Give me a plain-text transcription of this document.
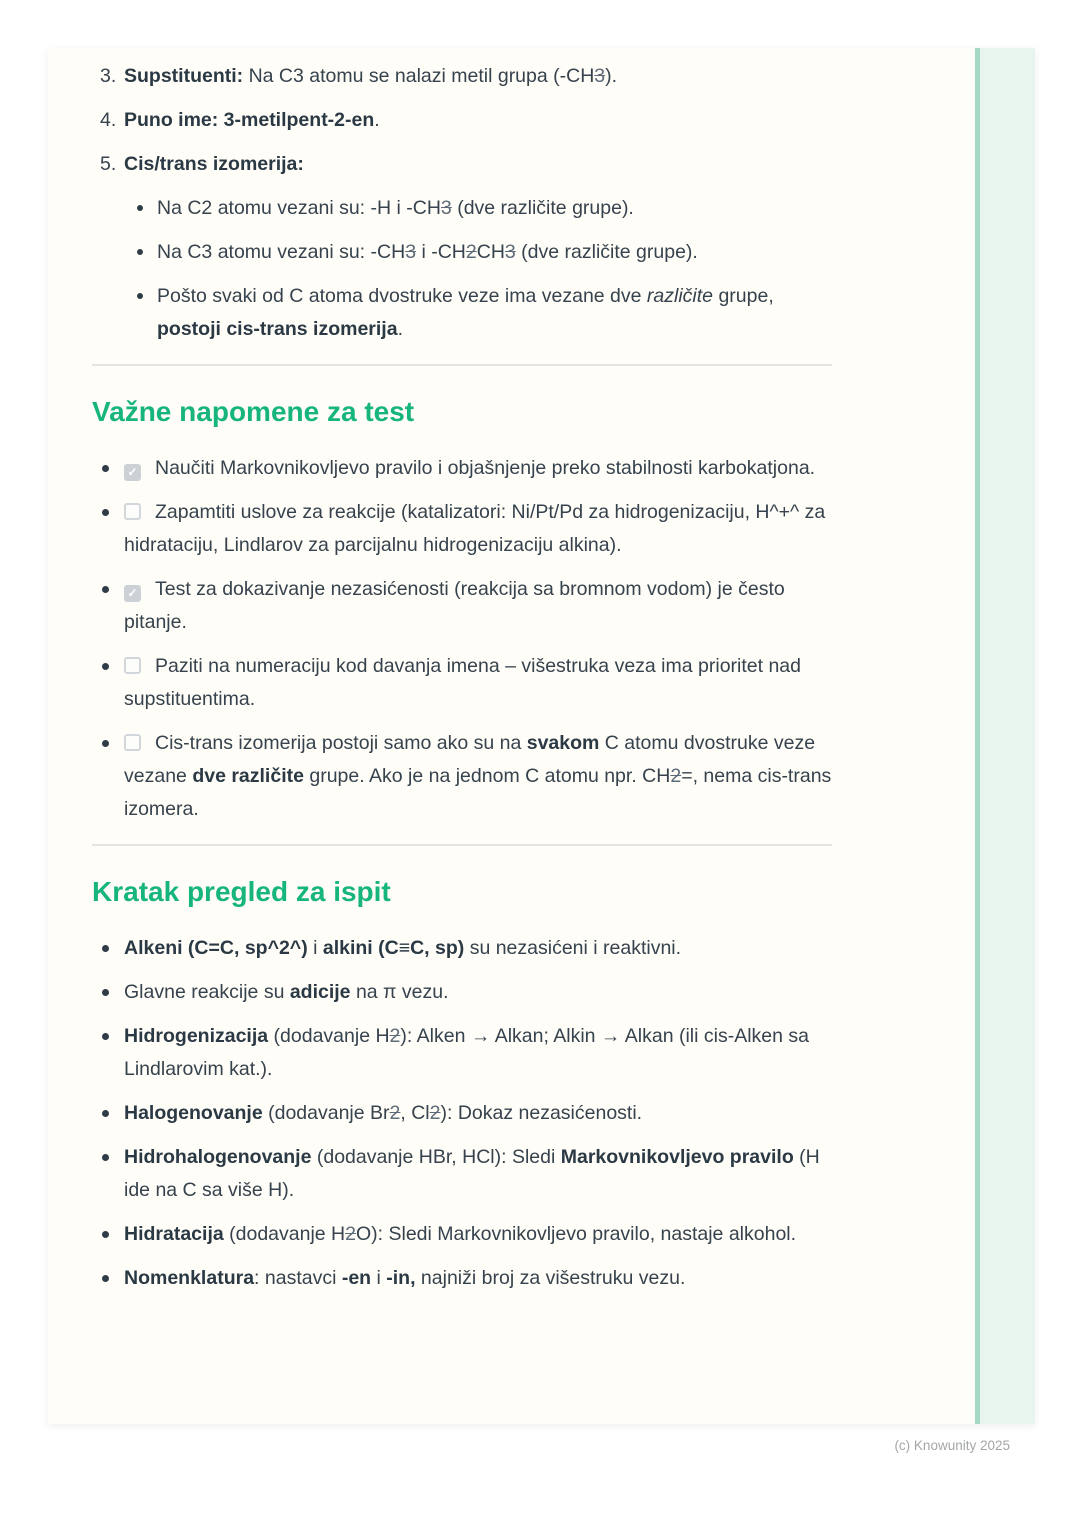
3. Supstituenti: Na C3 atomu se nalazi metil grupa (-CH3).
4. Puno ime: 3-metilpent-2-en.
5. Cis/trans izomerija:
Na C2 atomu vezani su: -H i -CH3 (dve različite grupe).
Na C3 atomu vezani su: -CH3 i -CH2CH3 (dve različite grupe).
Pošto svaki od C atoma dvostruke veze ima vezane dve različite grupe, postoji cis-trans izomerija.
Važne napomene za test
✓ Naučiti Markovnikovljevo pravilo i objašnjenje preko stabilnosti karbokatjona.
Zapamtiti uslove za reakcije (katalizatori: Ni/Pt/Pd za hidrogenizaciju, H^+^ za hidrataciju, Lindlarov za parcijalnu hidrogenizaciju alkina).
✓ Test za dokazivanje nezasićenosti (reakcija sa bromnom vodom) je često pitanje.
Paziti na numeraciju kod davanja imena – višestruka veza ima prioritet nad supstituentima.
Cis-trans izomerija postoji samo ako su na svakom C atomu dvostruke veze vezane dve različite grupe. Ako je na jednom C atomu npr. CH2=, nema cis-trans izomera.
Kratak pregled za ispit
Alkeni (C=C, sp^2^) i alkini (C≡C, sp) su nezasićeni i reaktivni.
Glavne reakcije su adicije na π vezu.
Hidrogenizacija (dodavanje H2): Alken → Alkan; Alkin → Alkan (ili cis-Alken sa Lindlarovim kat.).
Halogenovanje (dodavanje Br2, Cl2): Dokaz nezasićenosti.
Hidrohalogenovanje (dodavanje HBr, HCl): Sledi Markovnikovljevo pravilo (H ide na C sa više H).
Hidratacija (dodavanje H2O): Sledi Markovnikovljevo pravilo, nastaje alkohol.
Nomenklatura: nastavci -en i -in, najniži broj za višestruku vezu.
(c) Knowunity 2025
